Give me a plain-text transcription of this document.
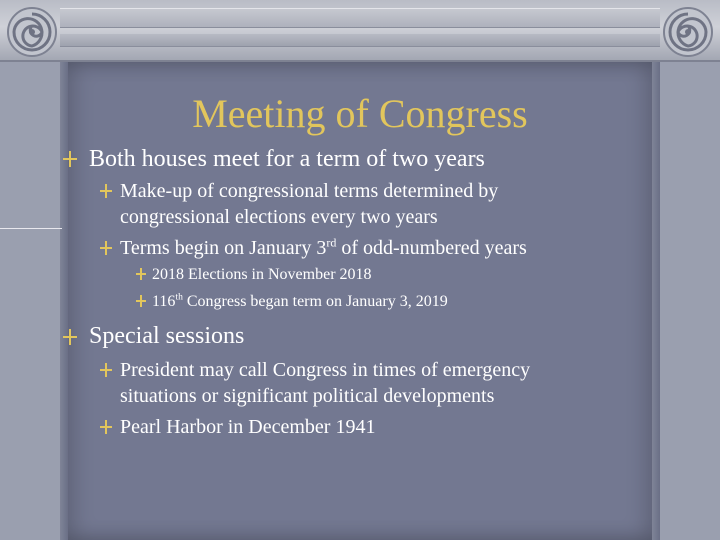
Meeting of Congress
Both houses meet for a term of two years
Make-up of congressional terms determined by
congressional elections every two years
Terms begin on January 3rd of odd-numbered years
2018 Elections in November 2018
116th Congress began term on January 3, 2019
Special sessions
President may call Congress in times of emergency
situations or significant political developments
Pearl Harbor in December 1941
